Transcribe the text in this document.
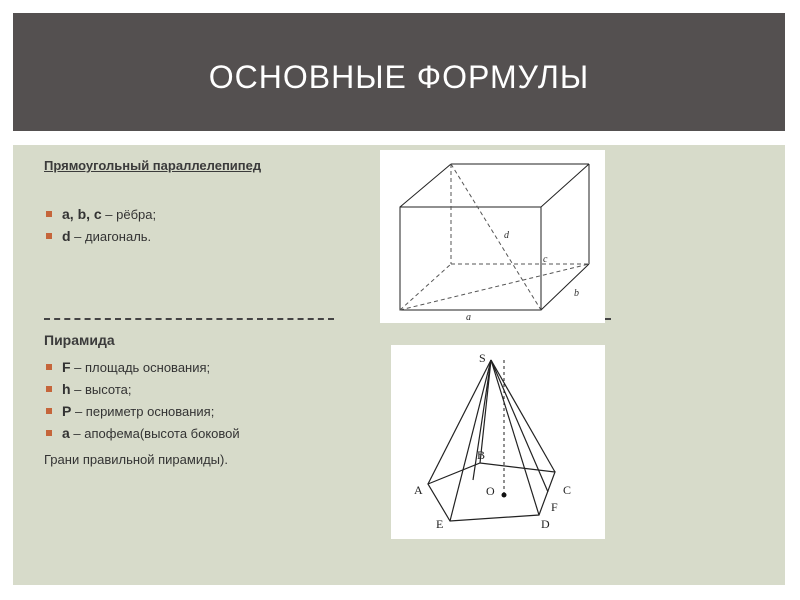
ОСНОВНЫЕ ФОРМУЛЫ
Прямоугольный параллелепипед
a, b, c – рёбра;
d – диагональ.
Пирамида
F – площадь основания;
h – высота;
P – периметр основания;
a – апофема(высота боковой
Грани правильной пирамиды).
d
c
b
a
S
B
O	C
A
F
E	D
